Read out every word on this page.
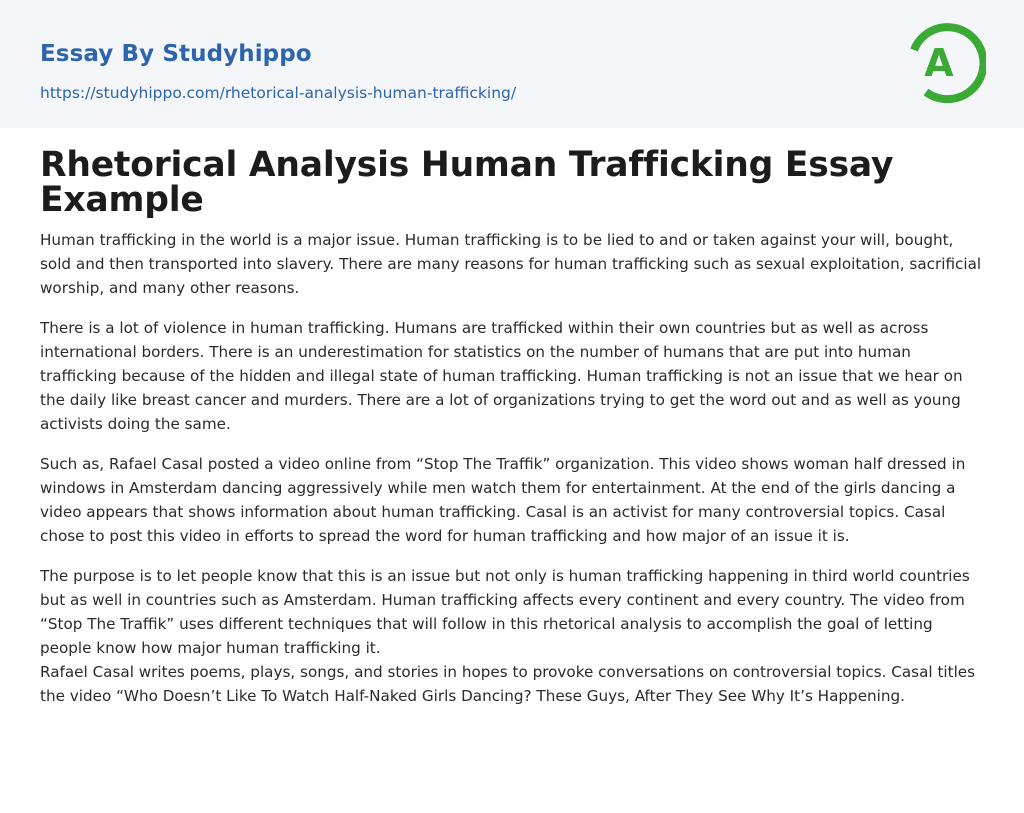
Essay By Studyhippo
https://studyhippo.com/rhetorical-analysis-human-trafficking/
A
Rhetorical Analysis Human Trafficking Essay Example

Human trafficking in the world is a major issue. Human trafficking is to be lied to and or taken against your will, bought, sold and then transported into slavery. There are many reasons for human trafficking such as sexual exploitation, sacrificial worship, and many other reasons.

There is a lot of violence in human trafficking. Humans are trafficked within their own countries but as well as across international borders. There is an underestimation for statistics on the number of humans that are put into human trafficking because of the hidden and illegal state of human trafficking. Human trafficking is not an issue that we hear on the daily like breast cancer and murders. There are a lot of organizations trying to get the word out and as well as young activists doing the same.

Such as, Rafael Casal posted a video online from “Stop The Traffik” organization. This video shows woman half dressed in windows in Amsterdam dancing aggressively while men watch them for entertainment. At the end of the girls dancing a video appears that shows information about human trafficking. Casal is an activist for many controversial topics. Casal chose to post this video in efforts to spread the word for human trafficking and how major of an issue it is.

The purpose is to let people know that this is an issue but not only is human trafficking happening in third world countries but as well in countries such as Amsterdam. Human trafficking affects every continent and every country. The video from “Stop The Traffik” uses different techniques that will follow in this rhetorical analysis to accomplish the goal of letting people know how major human trafficking it.

Rafael Casal writes poems, plays, songs, and stories in hopes to provoke conversations on controversial topics. Casal titles the video “Who Doesn’t Like To Watch Half-Naked Girls Dancing? These Guys, After They See Why It’s Happening.
